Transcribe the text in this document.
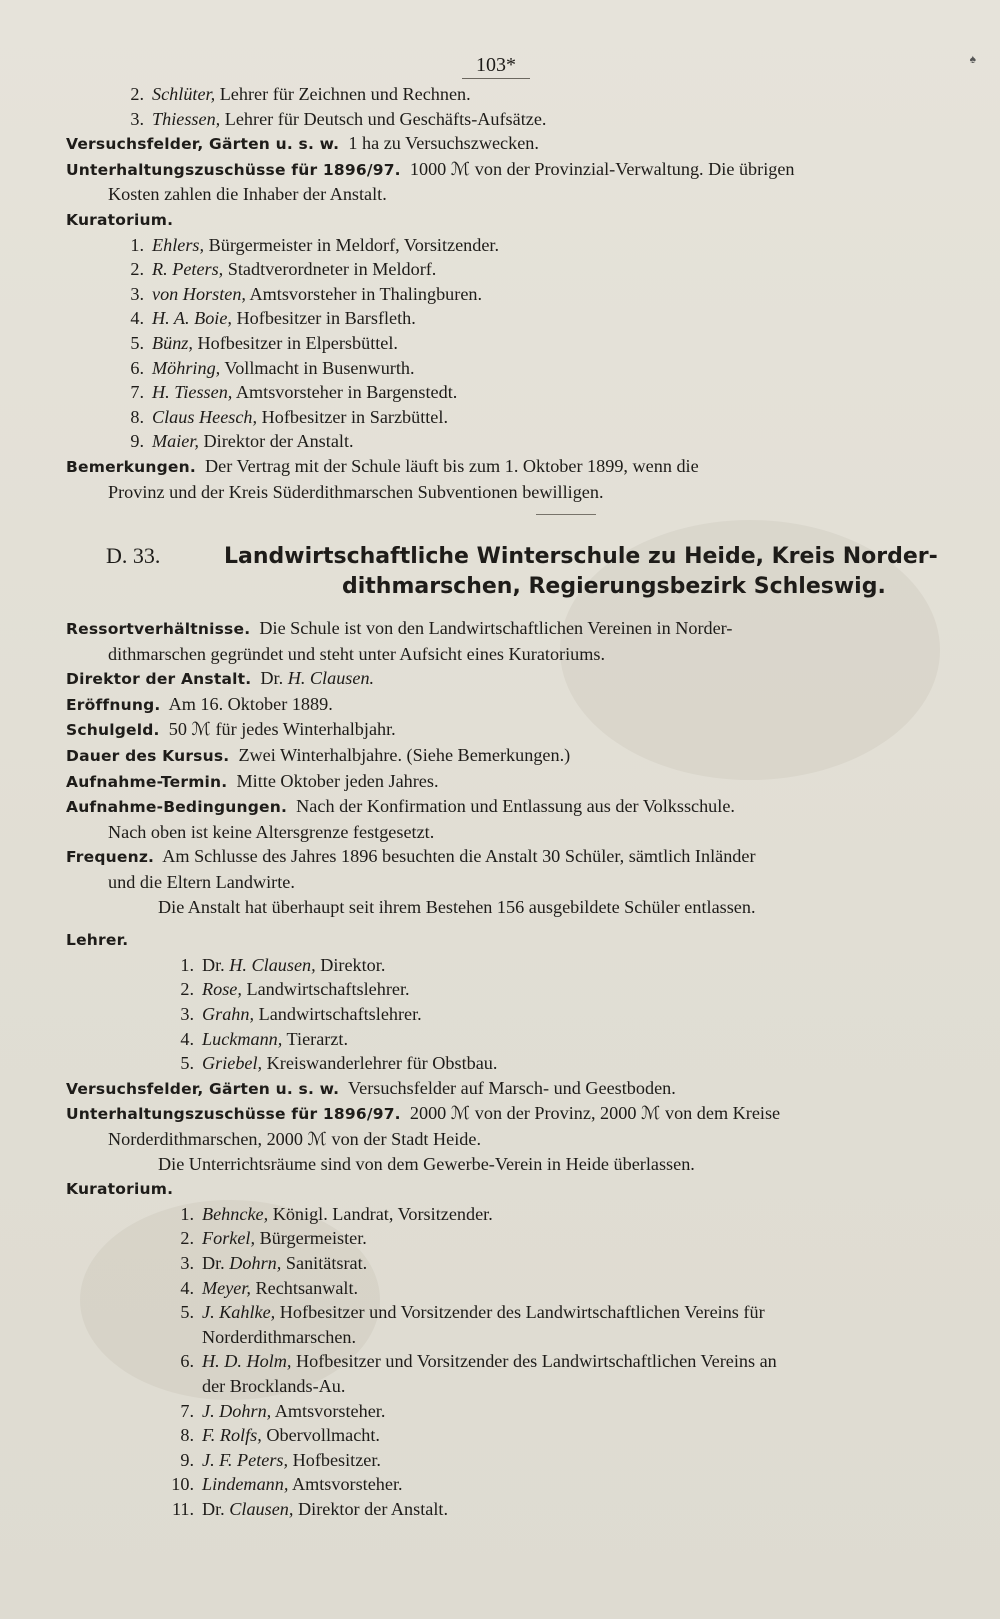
♠
103*
2. Schlüter, Lehrer für Zeichnen und Rechnen.
3. Thiessen, Lehrer für Deutsch und Geschäfts-Aufsätze.
Versuchsfelder, Gärten u. s. w. 1 ha zu Versuchszwecken.
Unterhaltungszuschüsse für 1896/97. 1000 ℳ von der Provinzial-Verwaltung. Die übrigen
Kosten zahlen die Inhaber der Anstalt.
Kuratorium.
1. Ehlers, Bürgermeister in Meldorf, Vorsitzender.
2. R. Peters, Stadtverordneter in Meldorf.
3. von Horsten, Amtsvorsteher in Thalingburen.
4. H. A. Boie, Hofbesitzer in Barsfleth.
5. Bünz, Hofbesitzer in Elpersbüttel.
6. Möhring, Vollmacht in Busenwurth.
7. H. Tiessen, Amtsvorsteher in Bargenstedt.
8. Claus Heesch, Hofbesitzer in Sarzbüttel.
9. Maier, Direktor der Anstalt.
Bemerkungen. Der Vertrag mit der Schule läuft bis zum 1. Oktober 1899, wenn die
Provinz und der Kreis Süderdithmarschen Subventionen bewilligen.
D. 33.	Landwirtschaftliche Winterschule zu Heide, Kreis Norder-
dithmarschen, Regierungsbezirk Schleswig.
Ressortverhältnisse. Die Schule ist von den Landwirtschaftlichen Vereinen in Norder-
dithmarschen gegründet und steht unter Aufsicht eines Kuratoriums.
Direktor der Anstalt. Dr. H. Clausen.
Eröffnung. Am 16. Oktober 1889.
Schulgeld. 50 ℳ für jedes Winterhalbjahr.
Dauer des Kursus. Zwei Winterhalbjahre. (Siehe Bemerkungen.)
Aufnahme-Termin. Mitte Oktober jeden Jahres.
Aufnahme-Bedingungen. Nach der Konfirmation und Entlassung aus der Volksschule.
Nach oben ist keine Altersgrenze festgesetzt.
Frequenz. Am Schlusse des Jahres 1896 besuchten die Anstalt 30 Schüler, sämtlich Inländer
und die Eltern Landwirte.
Die Anstalt hat überhaupt seit ihrem Bestehen 156 ausgebildete Schüler entlassen.
Lehrer.
1. Dr. H. Clausen, Direktor.
2. Rose, Landwirtschaftslehrer.
3. Grahn, Landwirtschaftslehrer.
4. Luckmann, Tierarzt.
5. Griebel, Kreiswanderlehrer für Obstbau.
Versuchsfelder, Gärten u. s. w. Versuchsfelder auf Marsch- und Geestboden.
Unterhaltungszuschüsse für 1896/97. 2000 ℳ von der Provinz, 2000 ℳ von dem Kreise
Norderdithmarschen, 2000 ℳ von der Stadt Heide.
Die Unterrichtsräume sind von dem Gewerbe-Verein in Heide überlassen.
Kuratorium.
1. Behncke, Königl. Landrat, Vorsitzender.
2. Forkel, Bürgermeister.
3. Dr. Dohrn, Sanitätsrat.
4. Meyer, Rechtsanwalt.
5. J. Kahlke, Hofbesitzer und Vorsitzender des Landwirtschaftlichen Vereins für
Norderdithmarschen.
6. H. D. Holm, Hofbesitzer und Vorsitzender des Landwirtschaftlichen Vereins an
der Brocklands-Au.
7. J. Dohrn, Amtsvorsteher.
8. F. Rolfs, Obervollmacht.
9. J. F. Peters, Hofbesitzer.
10. Lindemann, Amtsvorsteher.
11. Dr. Clausen, Direktor der Anstalt.
